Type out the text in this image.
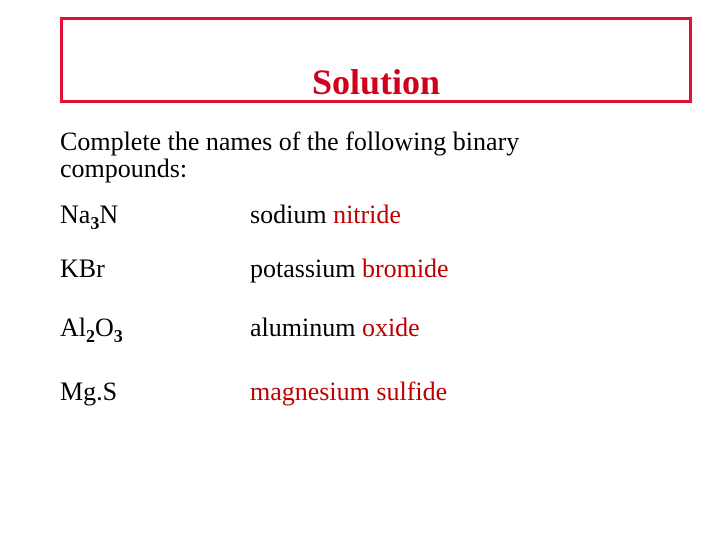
Solution
Complete the names of the following binary compounds:
$Na_3N$	sodium nitride
KBr	potassium bromide
$Al_2O_3$	aluminum oxide
Mg.S	magnesium sulfide
